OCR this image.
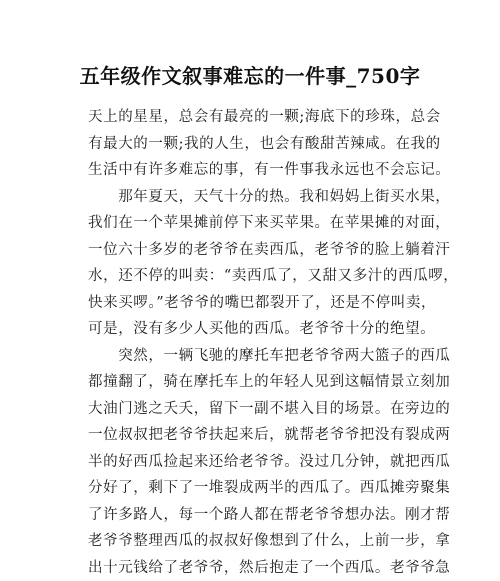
五年级作文叙事难忘的一件事_750字
天上的星星，总会有最亮的一颗;海底下的珍珠，总会
有最大的一颗;我的人生，也会有酸甜苦辣咸。在我的
生活中有许多难忘的事，有一件事我永远也不会忘记。
　　那年夏天，天气十分的热。我和妈妈上街买水果，
我们在一个苹果摊前停下来买苹果。在苹果摊的对面，
一位六十多岁的老爷爷在卖西瓜，老爷爷的脸上躺着汗
水，还不停的叫卖：“卖西瓜了，又甜又多汁的西瓜啰，
快来买啰。”老爷爷的嘴巴都裂开了，还是不停叫卖，
可是，没有多少人买他的西瓜。老爷爷十分的绝望。
　　突然，一辆飞驰的摩托车把老爷爷两大篮子的西瓜
都撞翻了，骑在摩托车上的年轻人见到这幅情景立刻加
大油门逃之夭夭，留下一副不堪入目的场景。在旁边的
一位叔叔把老爷爷扶起来后，就帮老爷爷把没有裂成两
半的好西瓜捡起来还给老爷爷。没过几分钟，就把西瓜
分好了，剩下了一堆裂成两半的西瓜了。西瓜摊旁聚集
了许多路人，每一个路人都在帮老爷爷想办法。刚才帮
老爷爷整理西瓜的叔叔好像想到了什么，上前一步，拿
出十元钱给了老爷爷，然后抱走了一个西瓜。老爷爷急
